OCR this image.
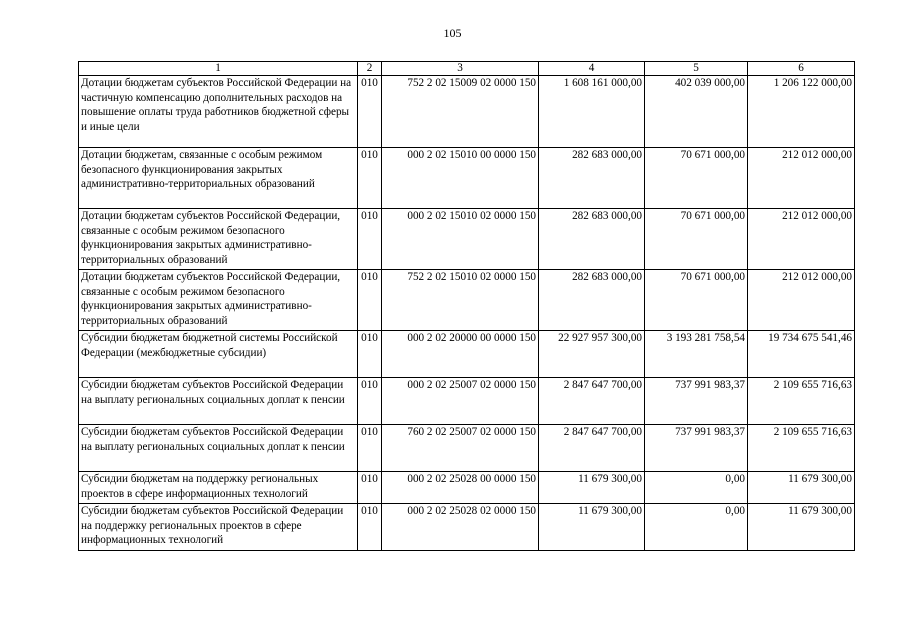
105
1	2	3	4	5	6
Дотации бюджетам субъектов Российской Федерации на частичную компенсацию дополнительных расходов на повышение оплаты труда работников бюджетной сферы и иные цели	010	752 2 02 15009 02 0000 150	1 608 161 000,00	402 039 000,00	1 206 122 000,00
Дотации бюджетам, связанные с особым режимом безопасного функционирования закрытых административно-территориальных образований	010	000 2 02 15010 00 0000 150	282 683 000,00	70 671 000,00	212 012 000,00
Дотации бюджетам субъектов Российской Федерации, связанные с особым режимом безопасного функционирования закрытых административно-территориальных образований	010	000 2 02 15010 02 0000 150	282 683 000,00	70 671 000,00	212 012 000,00
Дотации бюджетам субъектов Российской Федерации, связанные с особым режимом безопасного функционирования закрытых административно-территориальных образований	010	752 2 02 15010 02 0000 150	282 683 000,00	70 671 000,00	212 012 000,00
Субсидии бюджетам бюджетной системы Российской Федерации (межбюджетные субсидии)	010	000 2 02 20000 00 0000 150	22 927 957 300,00	3 193 281 758,54	19 734 675 541,46
Субсидии бюджетам субъектов Российской Федерации на выплату региональных социальных доплат к пенсии	010	000 2 02 25007 02 0000 150	2 847 647 700,00	737 991 983,37	2 109 655 716,63
Субсидии бюджетам субъектов Российской Федерации на выплату региональных социальных доплат к пенсии	010	760 2 02 25007 02 0000 150	2 847 647 700,00	737 991 983,37	2 109 655 716,63
Субсидии бюджетам на поддержку региональных проектов в сфере информационных технологий	010	000 2 02 25028 00 0000 150	11 679 300,00	0,00	11 679 300,00
Субсидии бюджетам субъектов Российской Федерации на поддержку региональных проектов в сфере информационных технологий	010	000 2 02 25028 02 0000 150	11 679 300,00	0,00	11 679 300,00
